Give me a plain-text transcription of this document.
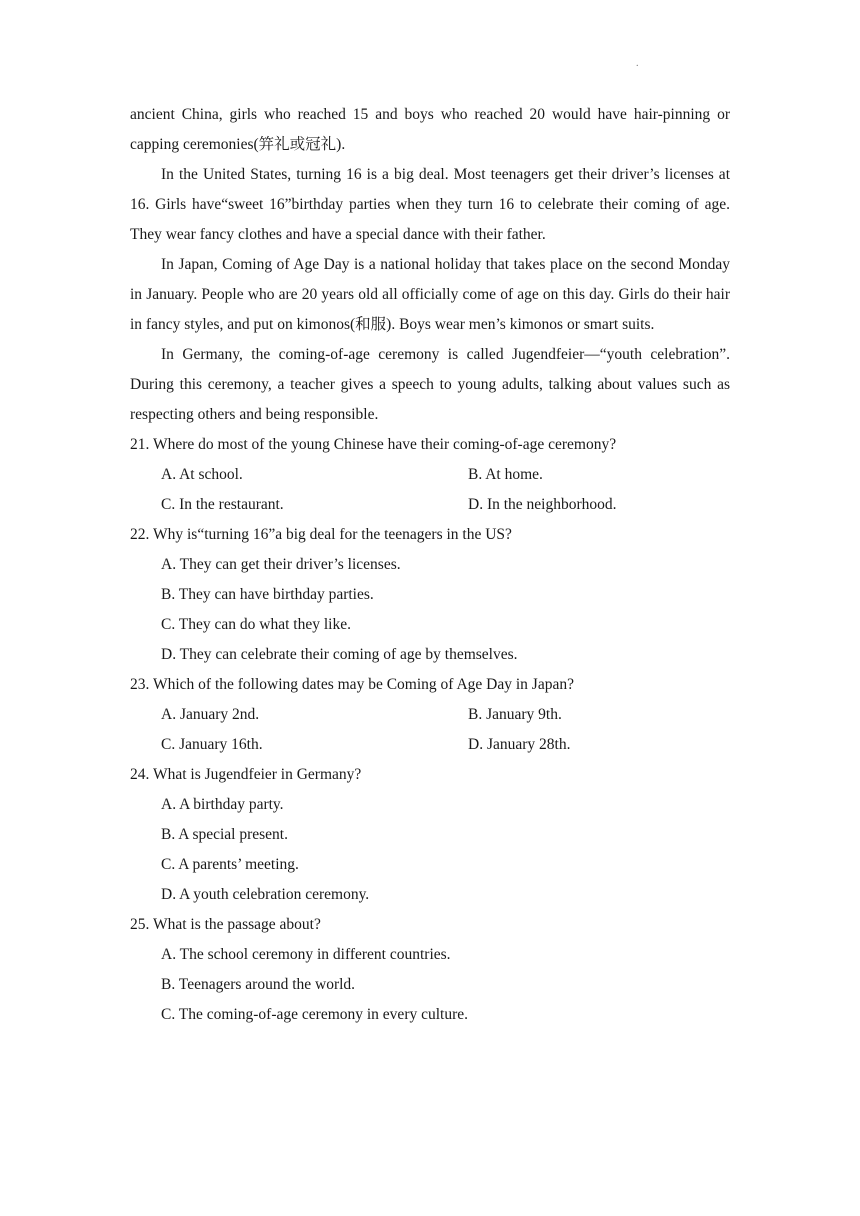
.

ancient China, girls who reached 15 and boys who reached 20 would have hair-pinning or capping ceremonies(笄礼或冠礼).

In the United States, turning 16 is a big deal. Most teenagers get their driver’s licenses at 16. Girls have“sweet 16”birthday parties when they turn 16 to celebrate their coming of age. They wear fancy clothes and have a special dance with their father.

In Japan, Coming of Age Day is a national holiday that takes place on the second Monday in January. People who are 20 years old all officially come of age on this day. Girls do their hair in fancy styles, and put on kimonos(和服). Boys wear men’s kimonos or smart suits.

In Germany, the coming-of-age ceremony is called Jugendfeier—“youth celebration”. During this ceremony, a teacher gives a speech to young adults, talking about values such as respecting others and being responsible.

21. Where do most of the young Chinese have their coming-of-age ceremony?

A. At school.	B. At home.

C. In the restaurant.	D. In the neighborhood.

22. Why is“turning 16”a big deal for the teenagers in the US?

A. They can get their driver’s licenses.

B. They can have birthday parties.

C. They can do what they like.

D. They can celebrate their coming of age by themselves.

23. Which of the following dates may be Coming of Age Day in Japan?

A. January 2nd.	B. January 9th.

C. January 16th.	D. January 28th.

24. What is Jugendfeier in Germany?

A. A birthday party.

B. A special present.

C. A parents’ meeting.

D. A youth celebration ceremony.

25. What is the passage about?

A. The school ceremony in different countries.

B. Teenagers around the world.

C. The coming-of-age ceremony in every culture.
